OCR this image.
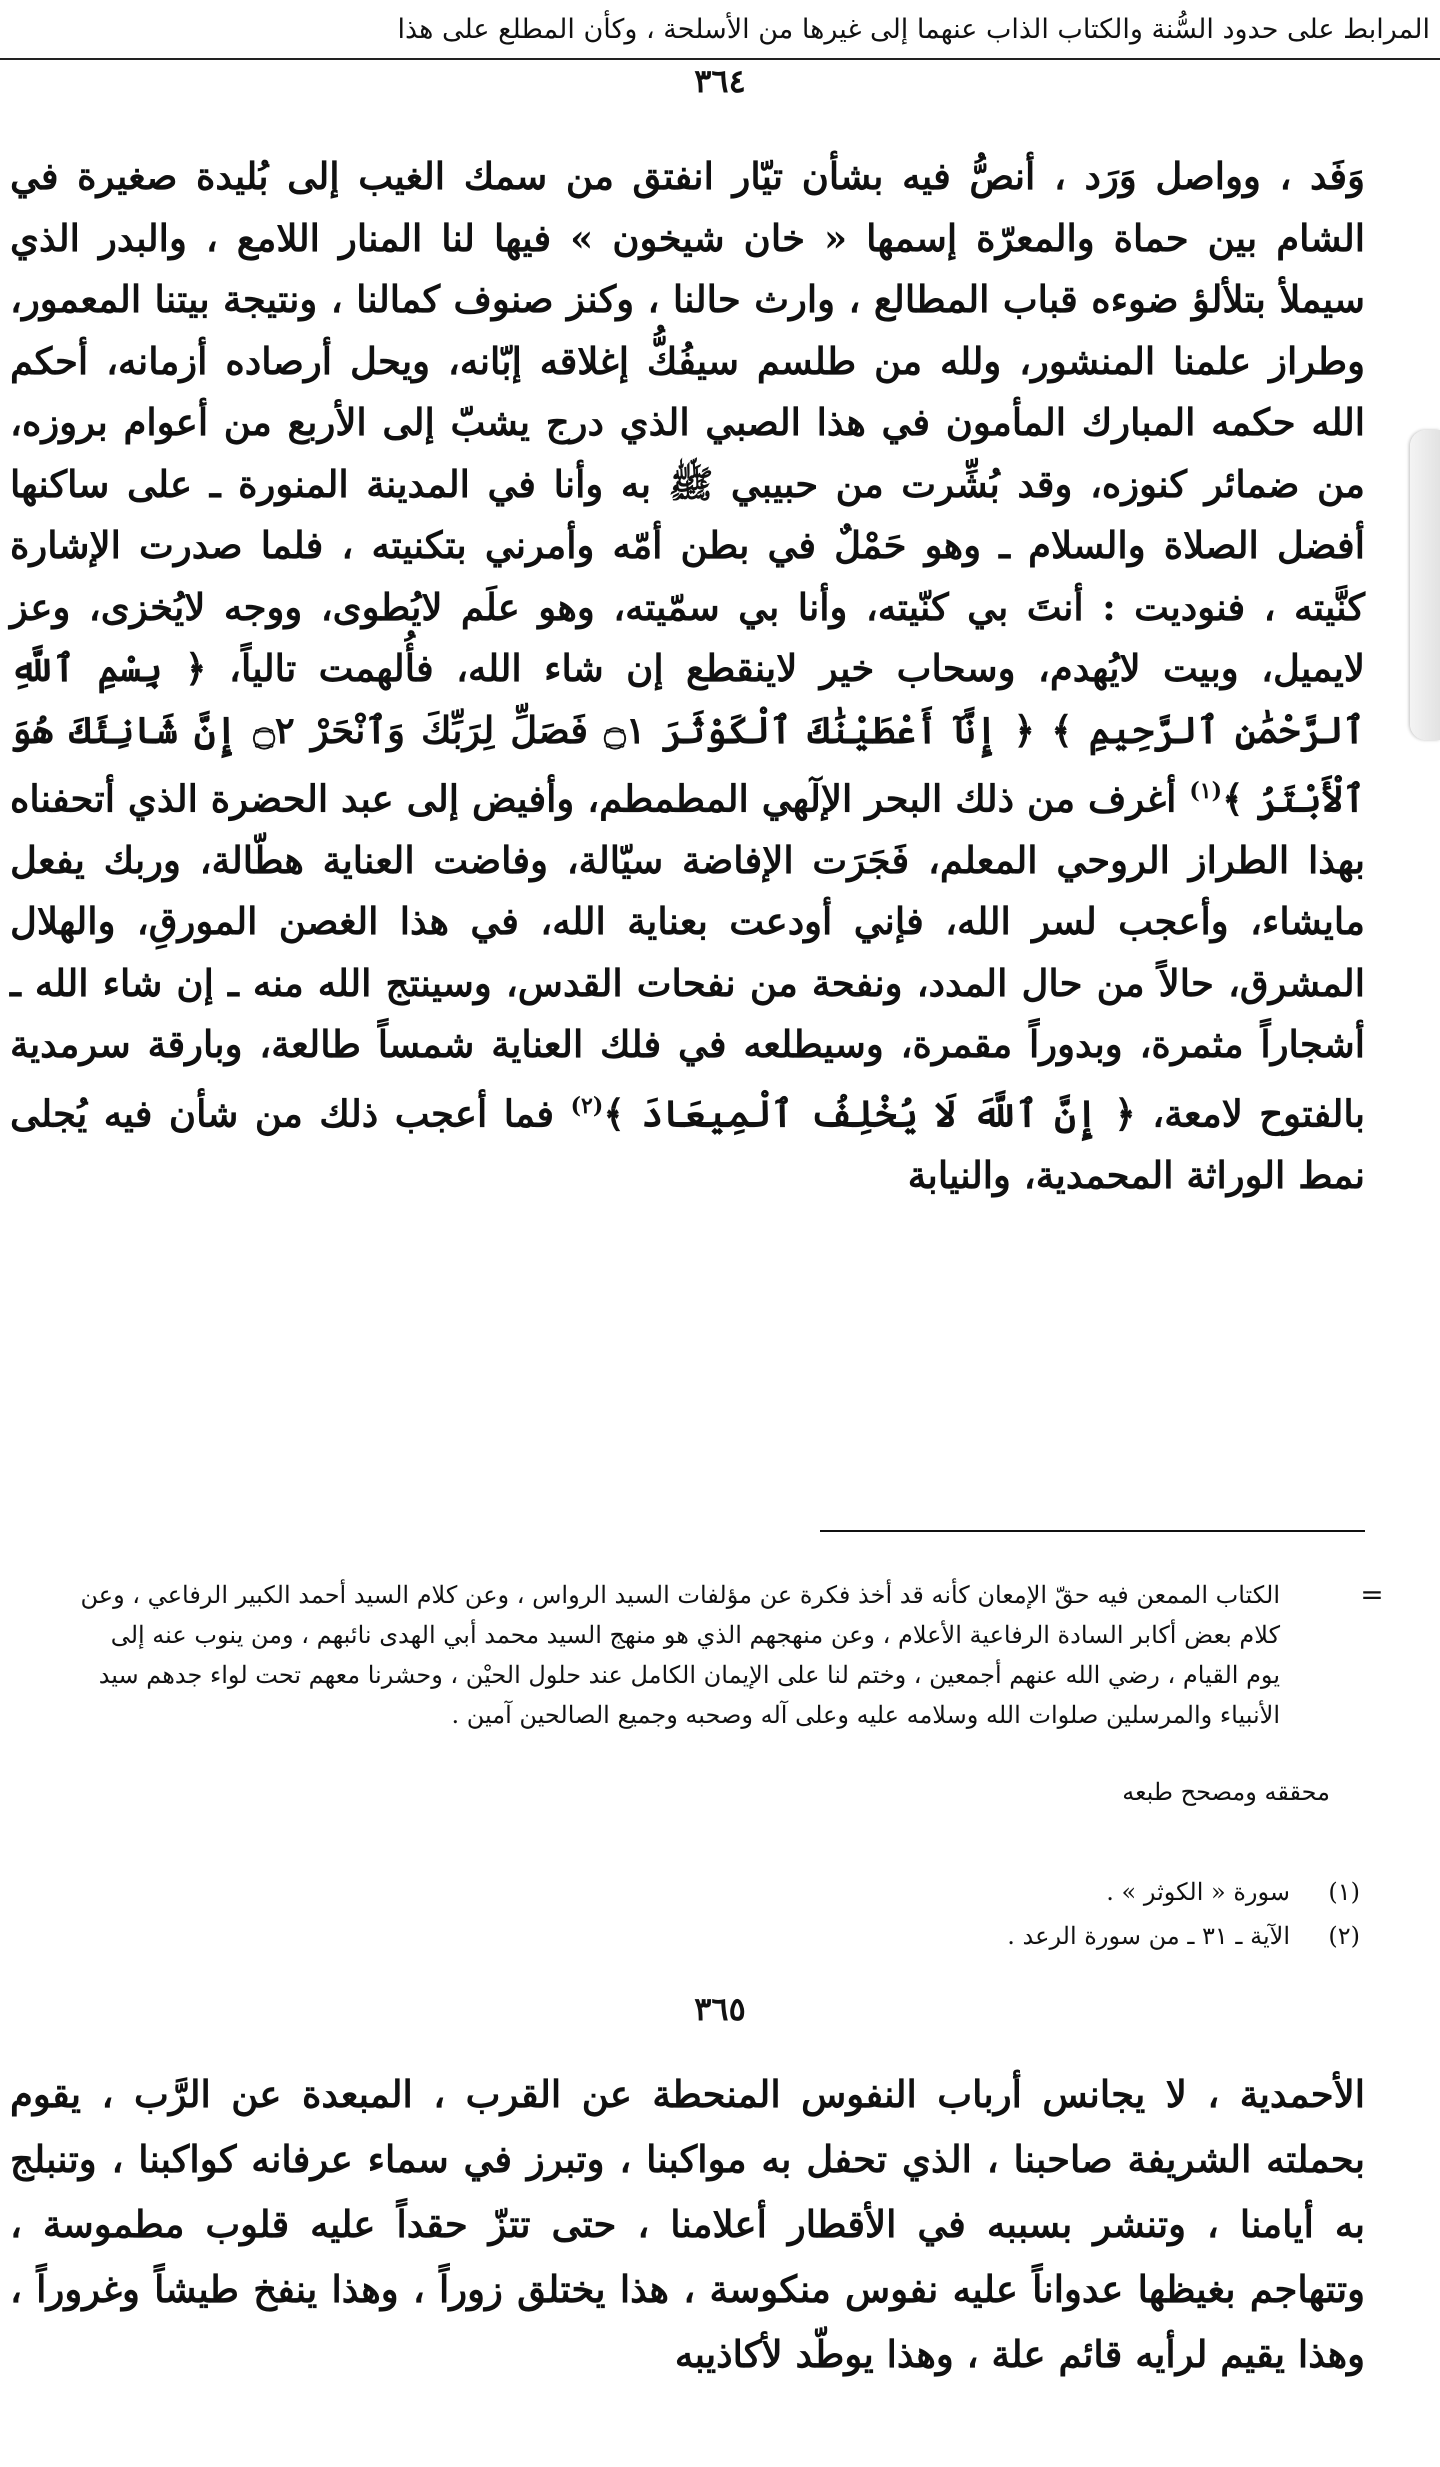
المرابط على حدود السُّنة والكتاب الذاب عنهما إلى غيرها من الأسلحة ، وكأن المطلع على هذا
٣٦٤
وَفَد ، وواصل وَرَد ، أنصُّ فيه بشأن تيّار انفتق من سمك الغيب إلى بُليدة صغيرة في الشام بين حماة والمعرّة إسمها « خان شيخون » فيها لنا المنار اللامع ، والبدر الذي سيملأ بتلألؤ ضوءه قباب المطالع ، وارث حالنا ، وكنز صنوف كمالنا ، ونتيجة بيتنا المعمور، وطراز علمنا المنشور، ولله من طلسم سيفُكُّ إغلاقه إبّانه، ويحل أرصاده أزمانه، أحكم الله حكمه المبارك المأمون في هذا الصبي الذي درج يشبّ إلى الأربع من أعوام بروزه، من ضمائر كنوزه، وقد بُشِّرت من حبيبي ﷺ به وأنا في المدينة المنورة ـ على ساكنها أفضل الصلاة والسلام ـ وهو حَمْلٌ في بطن أمّه وأمرني بتكنيته ، فلما صدرت الإشارة كنَّيته ، فنوديت : أنتَ بي كنّيته، وأنا بي سمّيته، وهو علَم لايُطوى، ووجه لايُخزى، وعز لايميل، وبيت لايُهدم، وسحاب خير لاينقطع إن شاء الله، فأُلهمت تالياً، ﴿ بِسْمِ ٱللَّهِ ٱلرَّحْمَٰنِ ٱلرَّحِيمِ ﴾ ﴿ إِنَّآ أَعْطَيْنَٰكَ ٱلْكَوْثَرَ ۝١ فَصَلِّ لِرَبِّكَ وَٱنْحَرْ ۝٢ إِنَّ شَانِئَكَ هُوَ ٱلْأَبْتَرُ ﴾$^{(١)}$ أغرف من ذلك البحر الإلٓهي المطمطم، وأفيض إلى عبد الحضرة الذي أتحفناه بهذا الطراز الروحي المعلم، فَجَرَت الإفاضة سيّالة، وفاضت العناية هطّالة، وربك يفعل مايشاء، وأعجب لسر الله، فإني أودعت بعناية الله، في هذا الغصن المورقِ، والهلال المشرق، حالاً من حال المدد، ونفحة من نفحات القدس، وسينتج الله منه ـ إن شاء الله ـ أشجاراً مثمرة، وبدوراً مقمرة، وسيطلعه في فلك العناية شمساً طالعة، وبارقة سرمدية بالفتوح لامعة، ﴿ إِنَّ ٱللَّهَ لَا يُخْلِفُ ٱلْمِيعَادَ ﴾$^{(٢)}$ فما أعجب ذلك من شأن فيه يُجلى نمط الوراثة المحمدية، والنيابة
=
الكتاب الممعن فيه حقّ الإمعان كأنه قد أخذ فكرة عن مؤلفات السيد الرواس ، وعن كلام السيد أحمد الكبير الرفاعي ، وعن كلام بعض أكابر السادة الرفاعية الأعلام ، وعن منهجهم الذي هو منهج السيد محمد أبي الهدى نائبهم ، ومن ينوب عنه إلى يوم القيام ، رضي الله عنهم أجمعين ، وختم لنا على الإيمان الكامل عند حلول الحيْن ، وحشرنا معهم تحت لواء جدهم سيد الأنبياء والمرسلين صلوات الله وسلامه عليه وعلى آله وصحبه وجميع الصالحين آمين .
محققه ومصحح طبعه
(١)
سورة « الكوثر » .
(٢)
الآية ـ ٣١ ـ من سورة الرعد .
٣٦٥
الأحمدية ، لا يجانس أرباب النفوس المنحطة عن القرب ، المبعدة عن الرَّب ، يقوم بحملته الشريفة صاحبنا ، الذي تحفل به مواكبنا ، وتبرز في سماء عرفانه كواكبنا ، وتنبلج به أيامنا ، وتنشر بسببه في الأقطار أعلامنا ، حتى تتزّ حقداً عليه قلوب مطموسة ، وتتهاجم بغيظها عدواناً عليه نفوس منكوسة ، هذا يختلق زوراً ، وهذا ينفخ طيشاً وغروراً ، وهذا يقيم لرأيه قائم علة ، وهذا يوطّد لأكاذيبه
